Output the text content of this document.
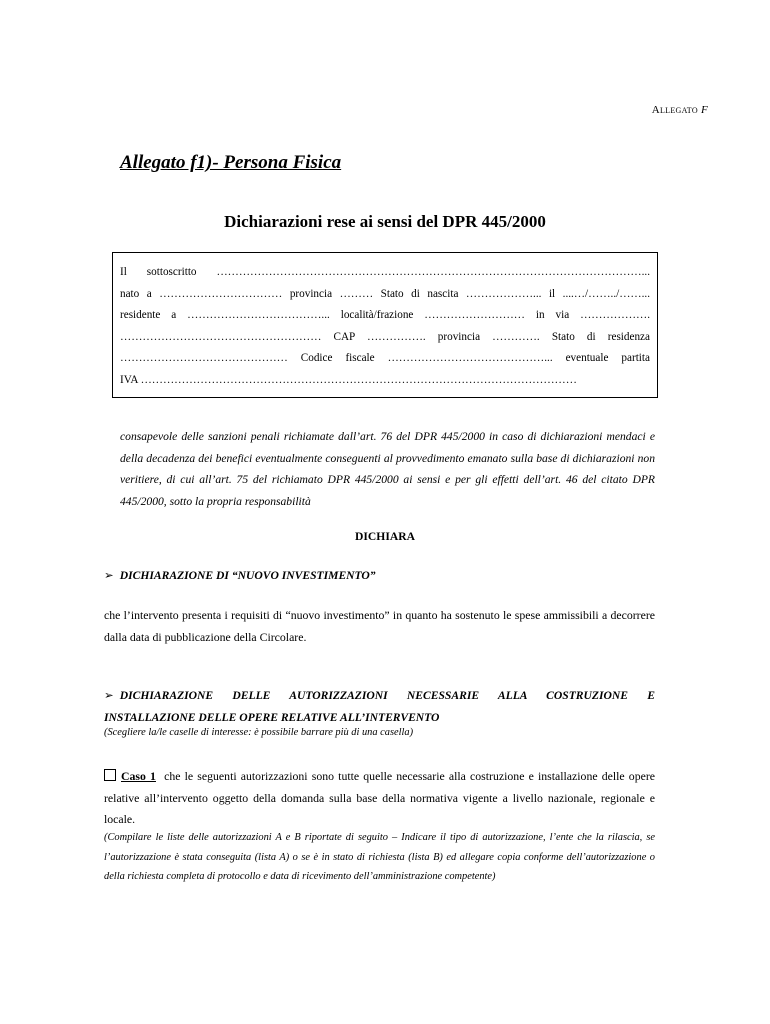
Allegato F
Allegato f1)- Persona Fisica
Dichiarazioni rese ai sensi del DPR 445/2000
Il sottoscritto ……………………………………………………………………………………………………...
nato a …………………………… provincia ……… Stato di nascita ………………... il ....…/……../……...
residente a ………………………………... località/frazione ……………………… in via ……………….
……………………………………………… CAP ……………. provincia …………. Stato di residenza
……………………………………… Codice fiscale ……………………………………... eventuale partita
IVA ………………………………………………………………………………………………………
consapevole delle sanzioni penali richiamate dall’art. 76 del DPR 445/2000 in caso di dichiarazioni mendaci e della decadenza dei benefici eventualmente conseguenti al provvedimento emanato sulla base di dichiarazioni non veritiere, di cui all’art. 75 del richiamato DPR 445/2000 ai sensi e per gli effetti dell’art. 46 del citato DPR 445/2000, sotto la propria responsabilità
DICHIARA
➢ DICHIARAZIONE DI “NUOVO INVESTIMENTO”
che l’intervento presenta i requisiti di “nuovo investimento” in quanto ha sostenuto le spese ammissibili a decorrere dalla data di pubblicazione della Circolare.
➢ DICHIARAZIONE DELLE AUTORIZZAZIONI NECESSARIE ALLA COSTRUZIONE E
INSTALLAZIONE DELLE OPERE RELATIVE ALL’INTERVENTO
(Scegliere la/le caselle di interesse: è possibile barrare più di una casella)
Caso 1 che le seguenti autorizzazioni sono tutte quelle necessarie alla costruzione e installazione delle opere relative all’intervento oggetto della domanda sulla base della normativa vigente a livello nazionale, regionale e locale.
(Compilare le liste delle autorizzazioni A e B riportate di seguito – Indicare il tipo di autorizzazione, l’ente che la rilascia, se l’autorizzazione è stata conseguita (lista A) o se è in stato di richiesta (lista B) ed allegare copia conforme dell’autorizzazione o della richiesta completa di protocollo e data di ricevimento dell’amministrazione competente)
